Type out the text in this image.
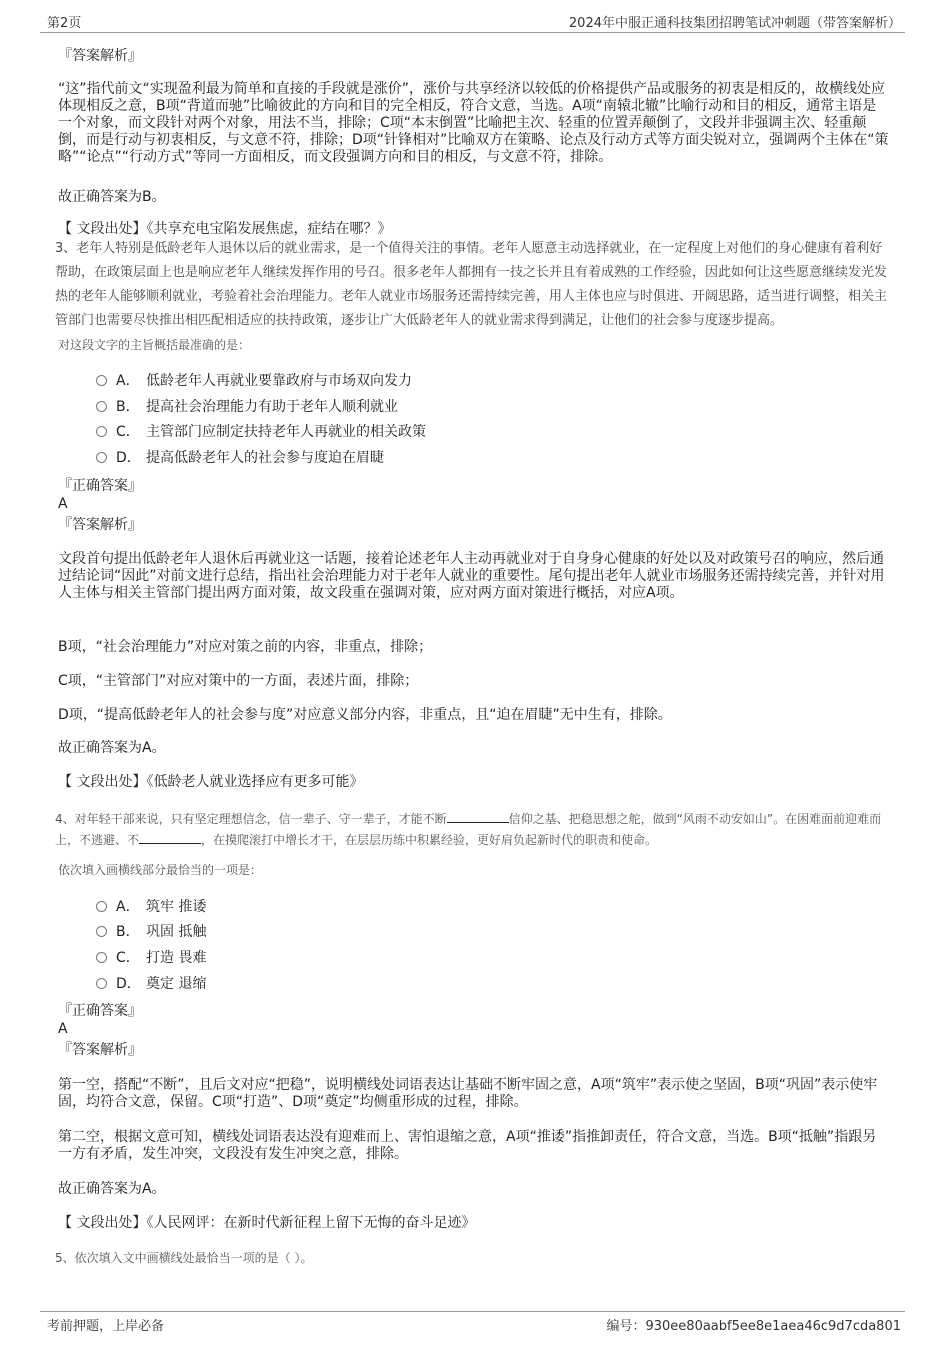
第2页	2024年中服正通科技集团招聘笔试冲刺题（带答案解析）
『答案解析』
“这”指代前文“实现盈利最为简单和直接的手段就是涨价”，涨价与共享经济以较低的价格提供产品或服务的初衷是相反的，故横线处应体现相反之意，B项“背道而驰”比喻彼此的方向和目的完全相反，符合文意，当选。A项“南辕北辙”比喻行动和目的相反，通常主语是一个对象，而文段针对两个对象，用法不当，排除；C项“本末倒置”比喻把主次、轻重的位置弄颠倒了，文段并非强调主次、轻重颠倒，而是行动与初衷相反，与文意不符，排除；D项“针锋相对”比喻双方在策略、论点及行动方式等方面尖锐对立，强调两个主体在“策略”“论点”“行动方式”等同一方面相反，而文段强调方向和目的相反，与文意不符，排除。
故正确答案为B。
【 文段出处】《共享充电宝陷发展焦虑，症结在哪？》
3、老年人特别是低龄老年人退休以后的就业需求，是一个值得关注的事情。老年人愿意主动选择就业，在一定程度上对他们的身心健康有着利好帮助，在政策层面上也是响应老年人继续发挥作用的号召。很多老年人都拥有一技之长并且有着成熟的工作经验，因此如何让这些愿意继续发光发热的老年人能够顺利就业，考验着社会治理能力。老年人就业市场服务还需持续完善，用人主体也应与时俱进、开阔思路，适当进行调整，相关主管部门也需要尽快推出相匹配相适应的扶持政策，逐步让广大低龄老年人的就业需求得到满足，让他们的社会参与度逐步提高。
对这段文字的主旨概括最准确的是：
A． 低龄老年人再就业要靠政府与市场双向发力
B． 提高社会治理能力有助于老年人顺利就业
C． 主管部门应制定扶持老年人再就业的相关政策
D． 提高低龄老年人的社会参与度迫在眉睫
『正确答案』
A
『答案解析』
文段首句提出低龄老年人退休后再就业这一话题，接着论述老年人主动再就业对于自身身心健康的好处以及对政策号召的响应，然后通过结论词“因此”对前文进行总结，指出社会治理能力对于老年人就业的重要性。尾句提出老年人就业市场服务还需持续完善，并针对用人主体与相关主管部门提出两方面对策，故文段重在强调对策，应对两方面对策进行概括，对应A项。
B项，“社会治理能力”对应对策之前的内容，非重点，排除；
C项，“主管部门”对应对策中的一方面，表述片面，排除；
D项，“提高低龄老年人的社会参与度”对应意义部分内容，非重点，且“迫在眉睫”无中生有，排除。
故正确答案为A。
【 文段出处】《低龄老人就业选择应有更多可能》
4、对年轻干部来说，只有坚定理想信念，信一辈子、守一辈子，才能不断	信仰之基、把稳思想之舵，做到“风雨不动安如山”。在困难面前迎难而上，不逃避、不	，在摸爬滚打中增长才干，在层层历练中积累经验，更好肩负起新时代的职责和使命。
依次填入画横线部分最恰当的一项是：
A． 筑牢 推诿
B． 巩固 抵触
C． 打造 畏难
D． 奠定 退缩
『正确答案』
A
『答案解析』
第一空，搭配“不断”，且后文对应“把稳”，说明横线处词语表达让基础不断牢固之意，A项“筑牢”表示使之坚固，B项“巩固”表示使牢固，均符合文意，保留。C项“打造”、D项“奠定”均侧重形成的过程，排除。
第二空，根据文意可知，横线处词语表达没有迎难而上、害怕退缩之意，A项“推诿”指推卸责任，符合文意，当选。B项“抵触”指跟另一方有矛盾，发生冲突，文段没有发生冲突之意，排除。
故正确答案为A。
【 文段出处】《人民网评：在新时代新征程上留下无悔的奋斗足迹》
5、依次填入文中画横线处最恰当一项的是（ ）。
考前押题，上岸必备	编号：930ee80aabf5ee8e1aea46c9d7cda801
